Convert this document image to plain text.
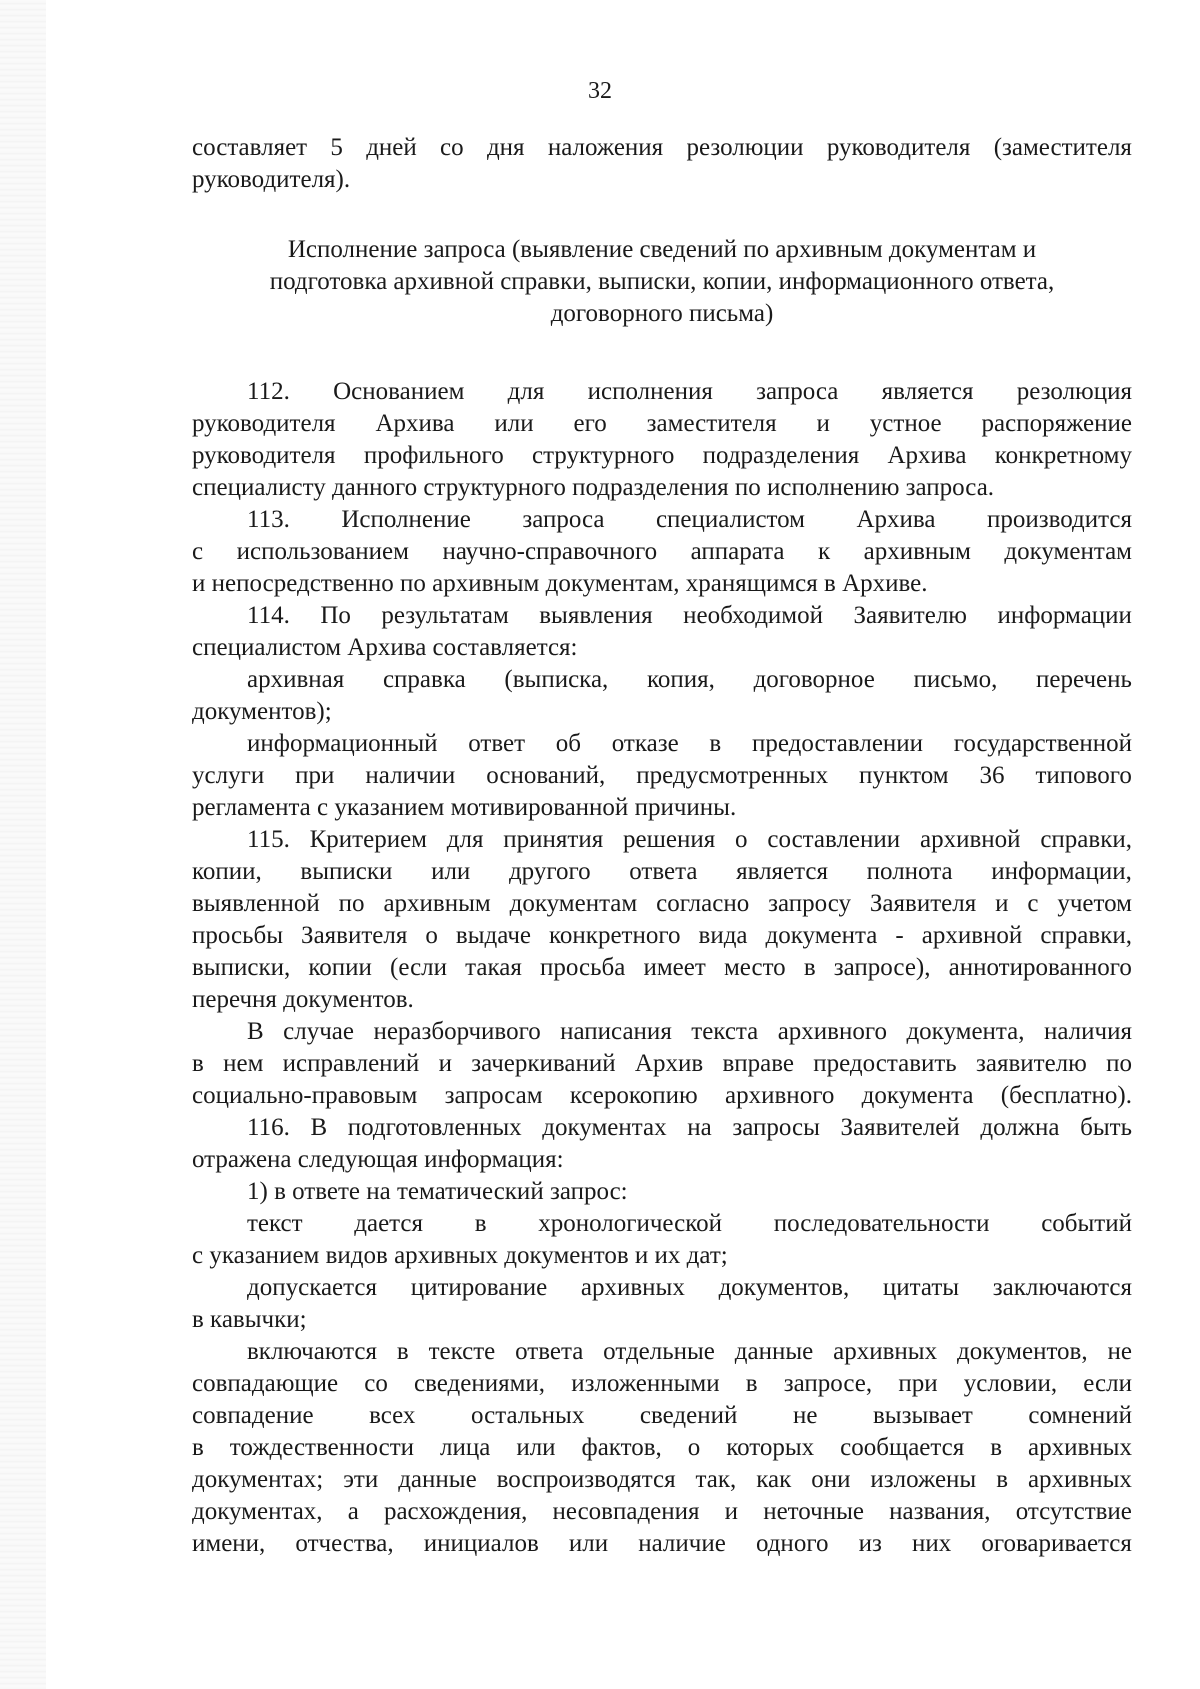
32
составляет 5 дней со дня наложения резолюции руководителя (заместителя
руководителя).
Исполнение запроса (выявление сведений по архивным документам и
подготовка архивной справки, выписки, копии, информационного ответа,
договорного письма)
112. Основанием для исполнения запроса является резолюция
руководителя Архива или его заместителя и устное распоряжение
руководителя профильного структурного подразделения Архива конкретному
специалисту данного структурного подразделения по исполнению запроса.
113. Исполнение запроса специалистом Архива производится
с использованием научно-справочного аппарата к архивным документам
и непосредственно по архивным документам, хранящимся в Архиве.
114. По результатам выявления необходимой Заявителю информации
специалистом Архива составляется:
архивная справка (выписка, копия, договорное письмо, перечень
документов);
информационный ответ об отказе в предоставлении государственной
услуги при наличии оснований, предусмотренных пунктом 36 типового
регламента с указанием мотивированной причины.
115. Критерием для принятия решения о составлении архивной справки,
копии, выписки или другого ответа является полнота информации,
выявленной по архивным документам согласно запросу Заявителя и с учетом
просьбы Заявителя о выдаче конкретного вида документа - архивной справки,
выписки, копии (если такая просьба имеет место в запросе), аннотированного
перечня документов.
В случае неразборчивого написания текста архивного документа, наличия
в нем исправлений и зачеркиваний Архив вправе предоставить заявителю по
социально-правовым запросам ксерокопию архивного документа (бесплатно).
116. В подготовленных документах на запросы Заявителей должна быть
отражена следующая информация:
1) в ответе на тематический запрос:
текст дается в хронологической последовательности событий
с указанием видов архивных документов и их дат;
допускается цитирование архивных документов, цитаты заключаются
в кавычки;
включаются в тексте ответа отдельные данные архивных документов, не
совпадающие со сведениями, изложенными в запросе, при условии, если
совпадение всех остальных сведений не вызывает сомнений
в тождественности лица или фактов, о которых сообщается в архивных
документах; эти данные воспроизводятся так, как они изложены в архивных
документах, а расхождения, несовпадения и неточные названия, отсутствие
имени, отчества, инициалов или наличие одного из них оговаривается
